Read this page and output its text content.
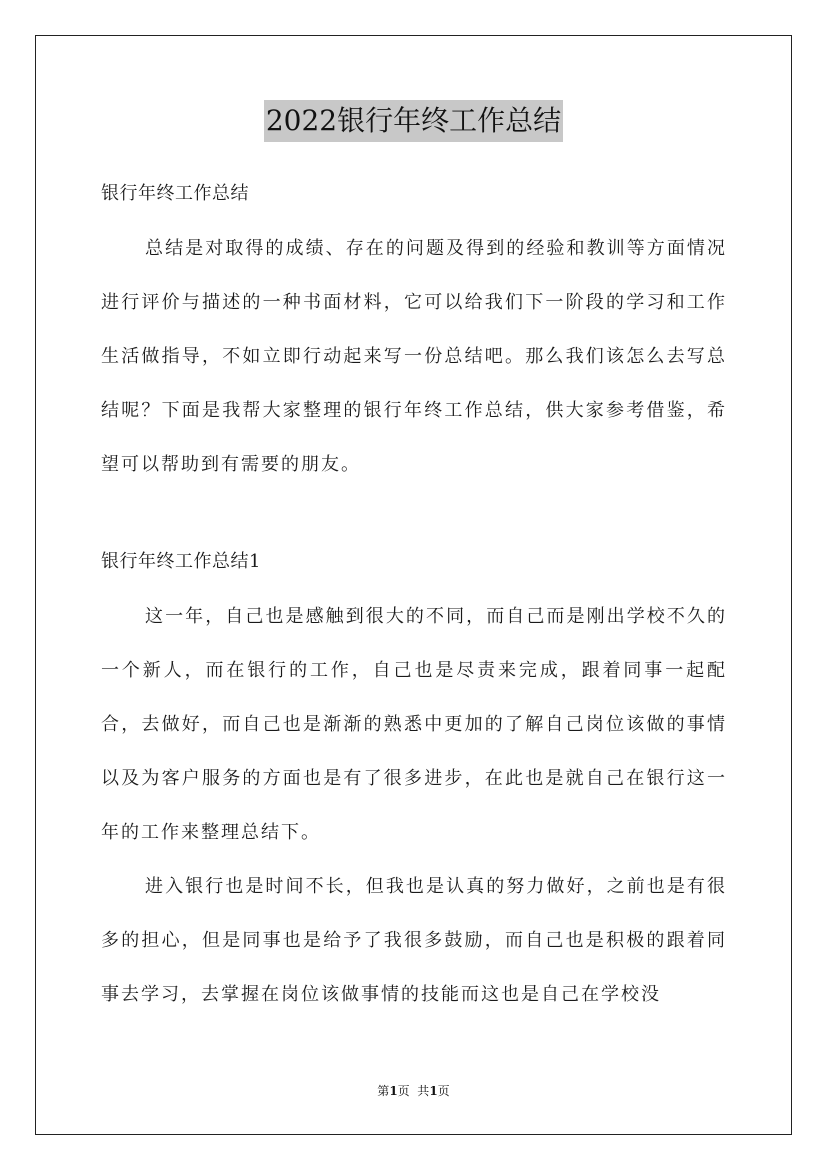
2022银行年终工作总结

银行年终工作总结

总结是对取得的成绩、存在的问题及得到的经验和教训等方面情况进行评价与描述的一种书面材料，它可以给我们下一阶段的学习和工作生活做指导，不如立即行动起来写一份总结吧。那么我们该怎么去写总结呢？下面是我帮大家整理的银行年终工作总结，供大家参考借鉴，希望可以帮助到有需要的朋友。

银行年终工作总结1

这一年，自己也是感触到很大的不同，而自己而是刚出学校不久的一个新人，而在银行的工作，自己也是尽责来完成，跟着同事一起配合，去做好，而自己也是渐渐的熟悉中更加的了解自己岗位该做的事情以及为客户服务的方面也是有了很多进步，在此也是就自己在银行这一年的工作来整理总结下。

进入银行也是时间不长，但我也是认真的努力做好，之前也是有很多的担心，但是同事也是给予了我很多鼓励，而自己也是积极的跟着同事去学习，去掌握在岗位该做事情的技能而这也是自己在学校没

第1页  共1页
